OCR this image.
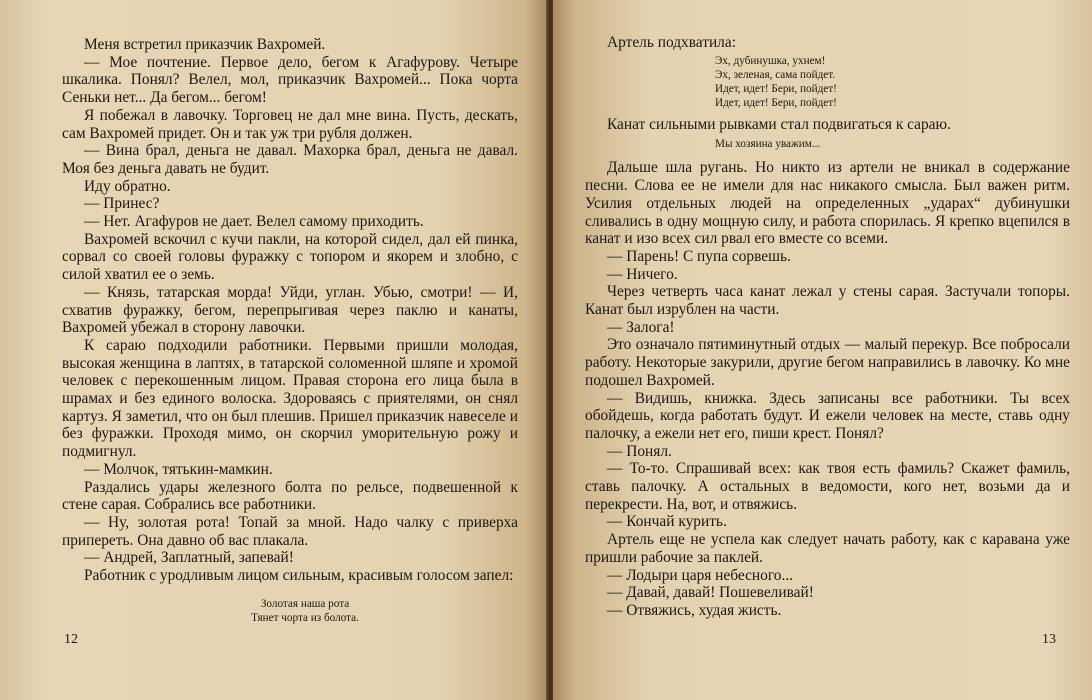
Меня встретил приказчик Вахромей.

— Мое почтение. Первое дело, бегом к Агафурову. Четыре шкалика. Понял? Велел, мол, приказчик Вахромей... Пока чорта Сеньки нет... Да бегом... бегом!

Я побежал в лавочку. Торговец не дал мне вина. Пусть, дескать, сам Вахромей придет. Он и так уж три рубля должен.

— Вина брал, деньга не давал. Махорка брал, деньга не давал. Моя без деньга давать не будит.

Иду обратно.

— Принес?

— Нет. Агафуров не дает. Велел самому приходить.

Вахромей вскочил с кучи пакли, на которой сидел, дал ей пинка, сорвал со своей головы фуражку с топором и якорем и злобно, с силой хватил ее о земь.

— Князь, татарская морда! Уйди, углан. Убью, смотри! — И, схватив фуражку, бегом, перепрыгивая через паклю и канаты, Вахромей убежал в сторону лавочки.

К сараю подходили работники. Первыми пришли молодая, высокая женщина в лаптях, в татарской соломенной шляпе и хромой человек с перекошенным лицом. Правая сторона его лица была в шрамах и без единого волоска. Здороваясь с приятелями, он снял картуз. Я заметил, что он был плешив. Пришел приказчик навеселе и без фуражки. Проходя мимо, он скорчил уморительную рожу и подмигнул.

— Молчок, тятькин-мамкин.

Раздались удары железного болта по рельсе, подвешенной к стене сарая. Собрались все работники.

— Ну, золотая рота! Топай за мной. Надо чалку с приверха припереть. Она давно об вас плакала.

— Андрей, Заплатный, запевай!

Работник с уродливым лицом сильным, красивым голосом запел:

Золотая наша рота
Тянет чорта из болота.
12

Артель подхватила:

Эх, дубинушка, ухнем!
Эх, зеленая, сама пойдет.
Идет, идет! Бери, пойдет!
Идет, идет! Бери, пойдет!

Канат сильными рывками стал подвигаться к сараю.

Мы хозяина уважим...

Дальше шла ругань. Но никто из артели не вникал в содержание песни. Слова ее не имели для нас никакого смысла. Был важен ритм. Усилия отдельных людей на определенных „ударах“ дубинушки сливались в одну мощную силу, и работа спорилась. Я крепко вцепился в канат и изо всех сил рвал его вместе со всеми.

— Парень! С пупа сорвешь.

— Ничего.

Через четверть часа канат лежал у стены сарая. Застучали топоры. Канат был изрублен на части.

— Залога!

Это означало пятиминутный отдых — малый перекур. Все побросали работу. Некоторые закурили, другие бегом направились в лавочку. Ко мне подошел Вахромей.

— Видишь, книжка. Здесь записаны все работники. Ты всех обойдешь, когда работать будут. И ежели человек на месте, ставь одну палочку, а ежели нет его, пиши крест. Понял?

— Понял.

— То-то. Спрашивай всех: как твоя есть фамиль? Скажет фамиль, ставь палочку. А остальных в ведомости, кого нет, возьми да и перекрести. На, вот, и отвяжись.

— Кончай курить.

Артель еще не успела как следует начать работу, как с каравана уже пришли рабочие за паклей.

— Лодыри царя небесного...

— Давай, давай! Пошевеливай!

— Отвяжись, худая жисть.

13
